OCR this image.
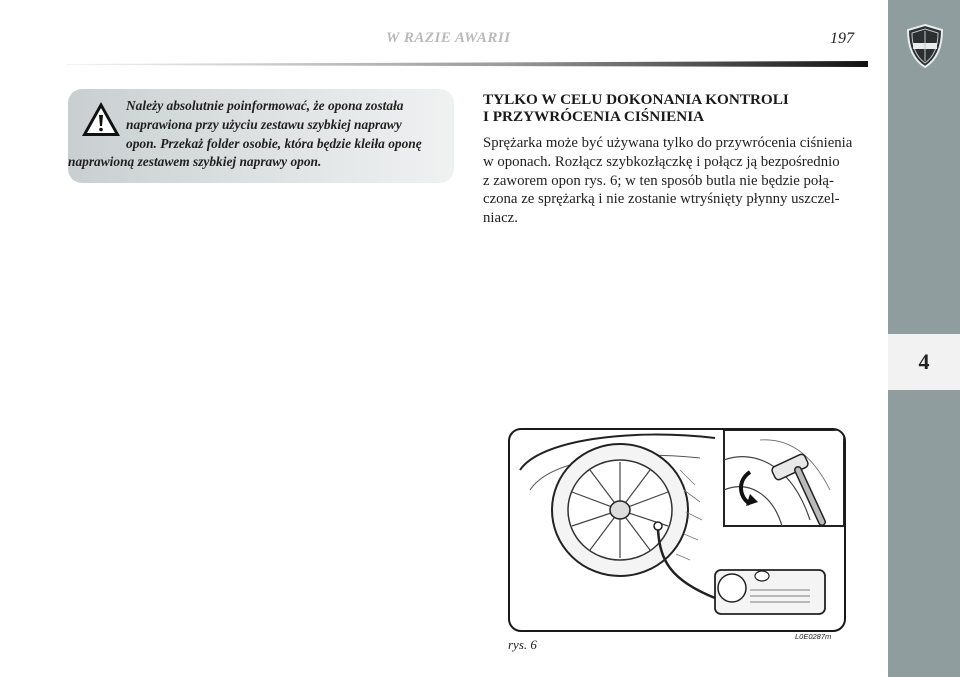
W RAZIE AWARII	197
4
Należy absolutnie poinformować, że opona została
naprawiona przy użyciu zestawu szybkiej naprawy
opon. Przekaż folder osobie, która będzie kleiła oponę
naprawioną zestawem szybkiej naprawy opon.
TYLKO W CELU DOKONANIA KONTROLI
I PRZYWRÓCENIA CIŚNIENIA
Sprężarka może być używana tylko do przywrócenia ciśnienia
w oponach. Rozłącz szybkozłączkę i połącz ją bezpośrednio
z zaworem opon rys. 6; w ten sposób butla nie będzie połą-
czona ze sprężarką i nie zostanie wtryśnięty płynny uszczel-
niacz.
rys. 6
L0E0287m
